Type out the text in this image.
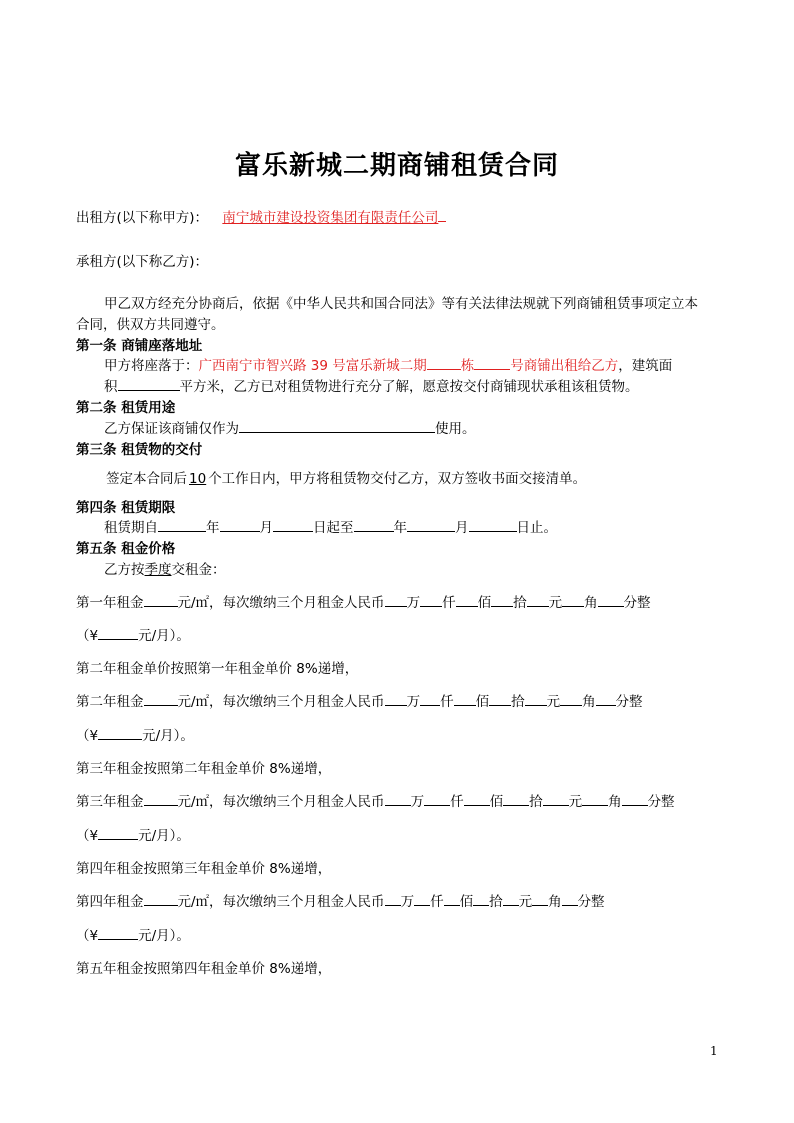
富乐新城二期商铺租赁合同
出租方(以下称甲方)： 南宁城市建设投资集团有限责任公司
承租方(以下称乙方)：
甲乙双方经充分协商后，依据《中华人民共和国合同法》等有关法律法规就下列商铺租赁事项定立本
合同，供双方共同遵守。
第一条 商铺座落地址
甲方将座落于：广西南宁市智兴路 39 号富乐新城二期	栋	号商铺出租给乙方，建筑面
积	平方米，乙方已对租赁物进行充分了解，愿意按交付商铺现状承租该租赁物。
第二条 租赁用途
乙方保证该商铺仅作为	使用。
第三条 租赁物的交付
签定本合同后 10 个工作日内，甲方将租赁物交付乙方，双方签收书面交接清单。
第四条 租赁期限
租赁期自	年	月	日起至	年	月	日止。
第五条 租金价格
乙方按季度交租金：
第一年租金	元/㎡，每次缴纳三个月租金人民币 万 仟 佰 拾 元 角 分整
（¥	元/月）。
第二年租金单价按照第一年租金单价 8%递增，
第二年租金	元/㎡，每次缴纳三个月租金人民币 万 仟 佰 拾 元 角 分整
（¥	元/月）。
第三年租金按照第二年租金单价 8%递增，
第三年租金	元/㎡，每次缴纳三个月租金人民币 万 仟 佰 拾 元 角 分整
（¥	元/月）。
第四年租金按照第三年租金单价 8%递增，
第四年租金	元/㎡，每次缴纳三个月租金人民币 万 仟 佰 拾 元 角 分整
（¥	元/月）。
第五年租金按照第四年租金单价 8%递增，
1
